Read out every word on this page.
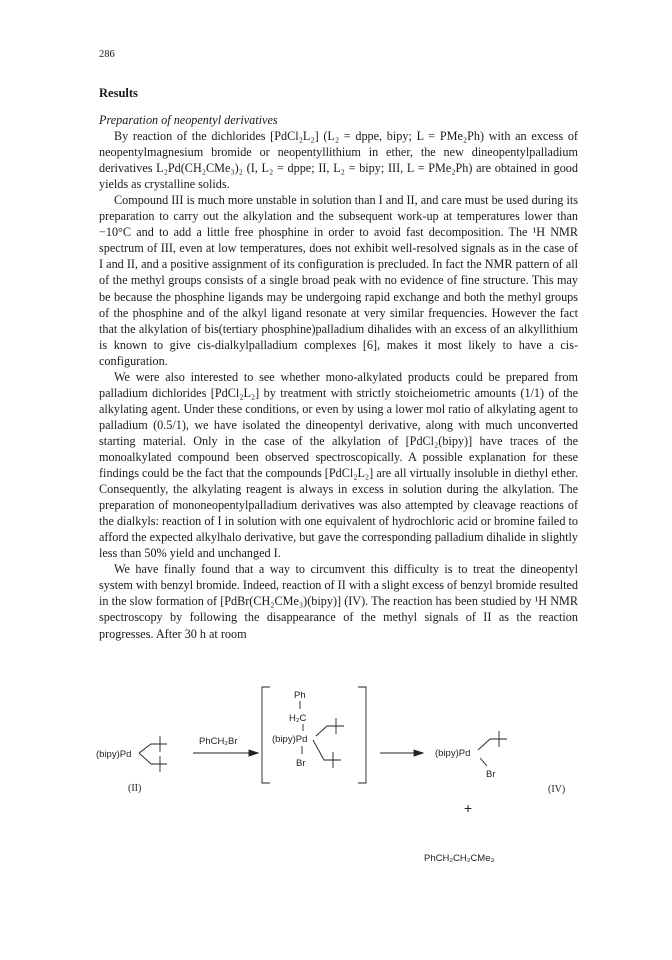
286
Results

Preparation of neopentyl derivatives

By reaction of the dichlorides [PdCl₂L₂] (L₂ = dppe, bipy; L = PMe₂Ph) with an excess of neopentylmagnesium bromide or neopentyllithium in ether, the new dineopentylpalladium derivatives L₂Pd(CH₂CMe₃)₂ (I, L₂ = dppe; II, L₂ = bipy; III, L = PMe₂Ph) are obtained in good yields as crystalline solids.

Compound III is much more unstable in solution than I and II, and care must be used during its preparation to carry out the alkylation and the subsequent work-up at temperatures lower than −10°C and to add a little free phosphine in order to avoid fast decomposition. The ¹H NMR spectrum of III, even at low temperatures, does not exhibit well-resolved signals as in the case of I and II, and a positive assignment of its configuration is precluded. In fact the NMR pattern of all of the methyl groups consists of a single broad peak with no evidence of fine structure. This may be because the phosphine ligands may be undergoing rapid exchange and both the methyl groups of the phosphine and of the alkyl ligand resonate at very similar frequencies. However the fact that the alkylation of bis(tertiary phosphine)palladium dihalides with an excess of an alkyllithium is known to give cis-dialkylpalladium complexes [6], makes it most likely to have a cis-configuration.

We were also interested to see whether mono-alkylated products could be prepared from palladium dichlorides [PdCl₂L₂] by treatment with strictly stoicheiometric amounts (1/1) of the alkylating agent. Under these conditions, or even by using a lower mol ratio of alkylating agent to palladium (0.5/1), we have isolated the dineopentyl derivative, along with much unconverted starting material. Only in the case of the alkylation of [PdCl₂(bipy)] have traces of the monoalkylated compound been observed spectroscopically. A possible explanation for these findings could be the fact that the compounds [PdCl₂L₂] are all virtually insoluble in diethyl ether. Consequently, the alkylating reagent is always in excess in solution during the alkylation. The preparation of mononeopentylpalladium derivatives was also attempted by cleavage reactions of the dialkyls: reaction of I in solution with one equivalent of hydrochloric acid or bromine failed to afford the expected alkylhalo derivative, but gave the corresponding palladium dihalide in slightly less than 50% yield and unchanged I.

We have finally found that a way to circumvent this difficulty is to treat the dineopentyl system with benzyl bromide. Indeed, reaction of II with a slight excess of benzyl bromide resulted in the slow formation of [PdBr(CH₂CMe₃)(bipy)] (IV). The reaction has been studied by ¹H NMR spectroscopy by following the disappearance of the methyl signals of II as the reaction progresses. After 30 h at room

(bipy)Pd
(II)
PhCH₂Br
Ph
H₂C
(bipy)Pd
Br
(bipy)Pd
Br
+
(IV)
PhCH₂CH₂CMe₃
